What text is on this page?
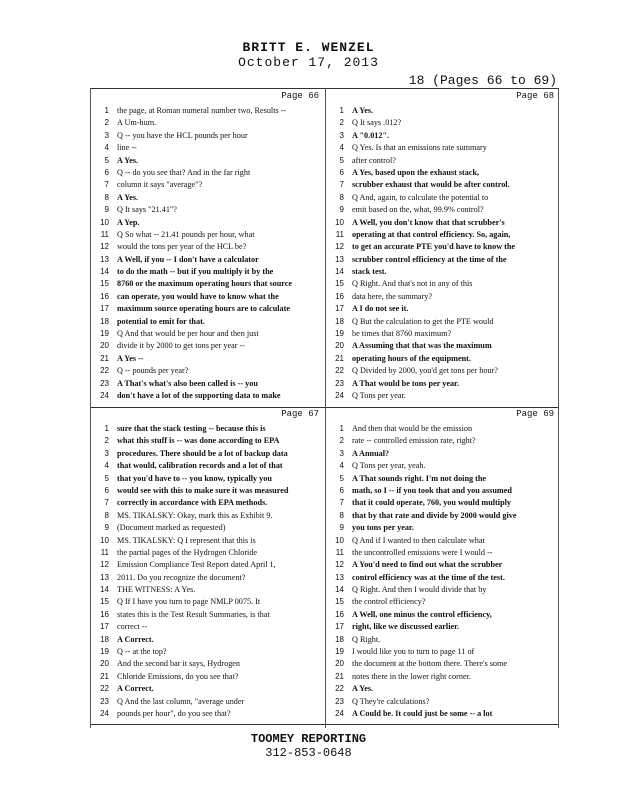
BRITT E. WENZEL
October 17, 2013
18 (Pages 66 to 69)
Page 66
1 the page, at Roman numeral number two, Results --
2 A Um-hum.
3 Q -- you have the HCL pounds per hour
4 line --
5 A Yes.
6 Q -- do you see that? And in the far right
7 column it says "average"?
8 A Yes.
9 Q It says "21.41"?
10 A Yep.
11 Q So what -- 21.41 pounds per hour, what
12 would the tons per year of the HCL be?
13 A Well, if you -- I don't have a calculator
14 to do the math -- but if you multiply it by the
15 8760 or the maximum operating hours that source
16 can operate, you would have to know what the
17 maximum source operating hours are to calculate
18 potential to emit for that.
19 Q And that would be per hour and then just
20 divide it by 2000 to get tons per year --
21 A Yes --
22 Q -- pounds per year?
23 A That's what's also been called is -- you
24 don't have a lot of the supporting data to make
Page 68
1 A Yes.
2 Q It says .012?
3 A "0.012".
4 Q Yes. Is that an emissions rate summary
5 after control?
6 A Yes, based upon the exhaust stack,
7 scrubber exhaust that would be after control.
8 Q And, again, to calculate the potential to
9 emit based on the, what, 99.9% control?
10 A Well, you don't know that that scrubber's
11 operating at that control efficiency. So, again,
12 to get an accurate PTE you'd have to know the
13 scrubber control efficiency at the time of the
14 stack test.
15 Q Right. And that's not in any of this
16 data here, the summary?
17 A I do not see it.
18 Q But the calculation to get the PTE would
19 be times that 8760 maximum?
20 A Assuming that that was the maximum
21 operating hours of the equipment.
22 Q Divided by 2000, you'd get tons per hour?
23 A That would be tons per year.
24 Q Tons per year.
Page 67
1 sure that the stack testing -- because this is
2 what this stuff is -- was done according to EPA
3 procedures. There should be a lot of backup data
4 that would, calibration records and a lot of that
5 that you'd have to -- you know, typically you
6 would see with this to make sure it was measured
7 correctly in accordance with EPA methods.
8 MS. TIKALSKY: Okay, mark this as Exhibit 9.
9 (Document marked as requested)
10 MS. TIKALSKY: Q I represent that this is
11 the partial pages of the Hydrogen Chloride
12 Emission Compliance Test Report dated April 1,
13 2011. Do you recognize the document?
14 THE WITNESS: A Yes.
15 Q If I have you turn to page NMLP 0075. It
16 states this is the Test Result Summaries, is that
17 correct --
18 A Correct.
19 Q -- at the top?
20 And the second bar it says, Hydrogen
21 Chloride Emissions, do you see that?
22 A Correct.
23 Q And the last column, "average under
24 pounds per hour", do you see that?
Page 69
1 And then that would be the emission
2 rate -- controlled emission rate, right?
3 A Annual?
4 Q Tons per year, yeah.
5 A That sounds right. I'm not doing the
6 math, so I -- if you took that and you assumed
7 that it could operate, 760, you would multiply
8 that by that rate and divide by 2000 would give
9 you tons per year.
10 Q And if I wanted to then calculate what
11 the uncontrolled emissions were I would --
12 A You'd need to find out what the scrubber
13 control efficiency was at the time of the test.
14 Q Right. And then I would divide that by
15 the control efficiency?
16 A Well, one minus the control efficiency,
17 right, like we discussed earlier.
18 Q Right.
19 I would like you to turn to page 11 of
20 the document at the bottom there. There's some
21 notes there in the lower right corner.
22 A Yes.
23 Q They're calculations?
24 A Could be. It could just be some -- a lot
TOOMEY REPORTING
312-853-0648
